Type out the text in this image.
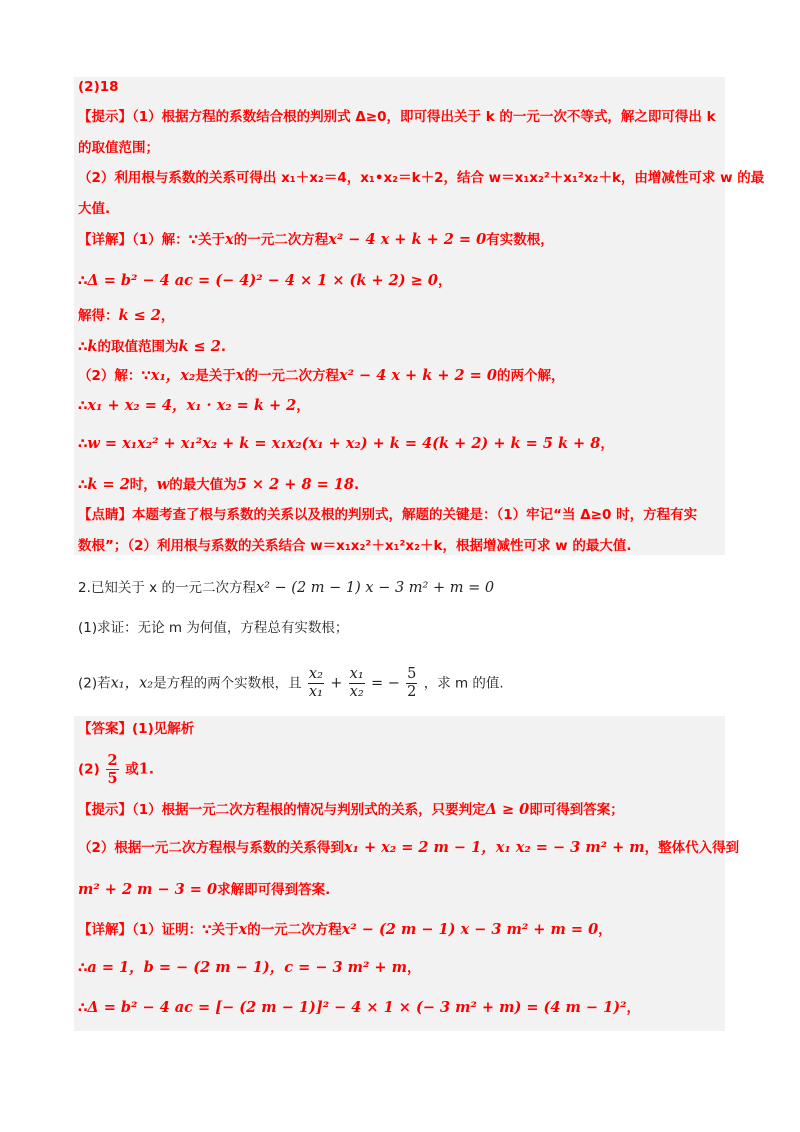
(2)18
【提示】（1）根据方程的系数结合根的判别式 Δ≥0，即可得出关于 k 的一元一次不等式，解之即可得出 k
的取值范围；
（2）利用根与系数的关系可得出 x₁＋x₂＝4，x₁•x₂＝k＋2，结合 w＝x₁x₂²＋x₁²x₂＋k，由增减性可求 w 的最
大值.
【详解】（1）解：∵关于x的一元二次方程x² − 4 x + k + 2 = 0有实数根，
∴Δ = b² − 4 ac = (− 4)² − 4 × 1 × (k + 2) ≥ 0，
解得：k ≤ 2，
∴k的取值范围为k ≤ 2.
（2）解：∵x₁，x₂是关于x的一元二次方程x² − 4 x + k + 2 = 0的两个解，
∴x₁ + x₂ = 4，x₁ · x₂ = k + 2，
∴w = x₁x₂² + x₁²x₂ + k = x₁x₂(x₁ + x₂) + k = 4(k + 2) + k = 5 k + 8，
∴k = 2时，w的最大值为5 × 2 + 8 = 18.
【点睛】本题考查了根与系数的关系以及根的判别式，解题的关键是：（1）牢记“当 Δ≥0 时，方程有实
数根”；（2）利用根与系数的关系结合 w＝x₁x₂²＋x₁²x₂＋k，根据增减性可求 w 的最大值.
2.已知关于 x 的一元二次方程x² − (2 m − 1) x − 3 m² + m = 0
(1)求证：无论 m 为何值，方程总有实数根；
(2)若x₁，x₂是方程的两个实数根，且 $\frac{\text{x₂}}{\text{x₁}} + \frac{\text{x₁}}{\text{x₂}}$ = − $\frac{5}{2}$ ，求 m 的值.
【答案】(1)见解析
$(2) \frac{2}{5}$ 或1.
【提示】（1）根据一元二次方程根的情况与判别式的关系，只要判定Δ ≥ 0即可得到答案；
（2）根据一元二次方程根与系数的关系得到x₁ + x₂ = 2 m − 1，x₁ x₂ = − 3 m² + m，整体代入得到
m² + 2 m − 3 = 0求解即可得到答案.
【详解】（1）证明：∵关于x的一元二次方程x² − (2 m − 1) x − 3 m² + m = 0，
∴a = 1，b = − (2 m − 1)，c = − 3 m² + m，
∴Δ = b² − 4 ac = [− (2 m − 1)]² − 4 × 1 × (− 3 m² + m) = (4 m − 1)²，
